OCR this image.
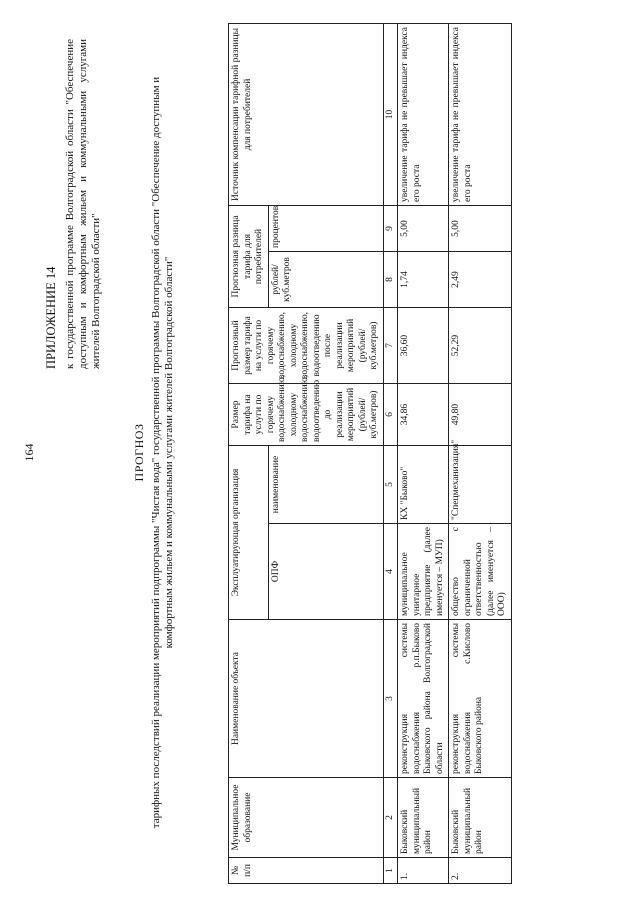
164
ПРИЛОЖЕНИЕ 14 к государственной программе Волгоградской области "Обеспечение доступным и комфортным жильем и коммунальными услугами жителей Волгоградской области"
ПРОГНОЗ тарифных последствий реализации мероприятий подпрограммы "Чистая вода" государственной программы Волгоградской области "Обеспечение доступным и комфортным жильем и коммунальными услугами жителей Волгоградской области"
№ п/п	Муниципальное образование	Наименование объекта	Эксплуатирующая организация		Размер тарифа на услуги по горячему водоснабжению, холодному водоснабжению, водоотведению до реализации мероприятий (рублей/ куб.метров)	Прогнозный размер тарифа на услуги по горячему водоснабжению, холодному водоснабжению, водоотведению после реализации мероприятий (рублей/ куб.метров)	Прогнозная разница тарифа для потребителей		Источник компенсации тарифной разницы для потребителей
			ОПФ	наименование			рублей/ куб.метров	процентов	

1	2	3	4	5	6	7	8	9	10
1.	Быковский муниципальный район	реконструкция системы водоснабжения р.п.Быково Быковского района Волгоградской области	муниципальное унитарное предприятие (далее именуется – МУП)	КХ "Быково"	34,86	36,60	1,74	5,00	увеличение тарифа не превышает индекса его роста
2.	Быковский муниципальный район	реконструкция системы водоснабжения с.Кислово Быковского района	общество с ограниченной ответственностью (далее именуется – ООО)	"Спецмеханизация"	49,80	52,29	2,49	5,00	увеличение тарифа не превышает индекса его роста
